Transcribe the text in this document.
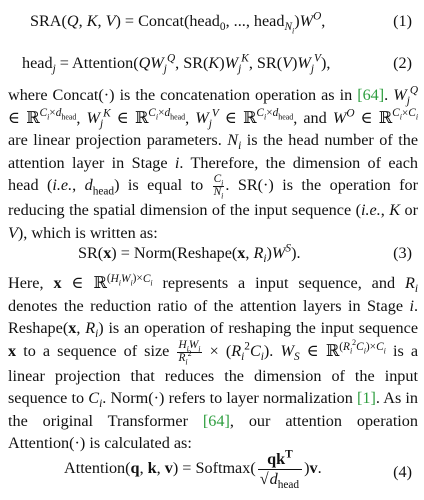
SRA(Q, K, V) = Concat(head$_0$, ..., $head_{N_i})W^O$,	(1)
head$_j$ = $Attention(QW_j^Q$, $SR(K)W_j^K$, $SR(V)W_j^V$),	(2)
where Concat(·) is the concatenation operation as in [64]. $W_j^Q$ ∈ ℝ$^{C_i\times d_{head}}$, $W_j^K$ ∈ ℝ$^{C_i\times d_{head}}$, $W_j^V$ ∈ ℝ$^{C_i\times d_{head}}$, and $W^O$ ∈ ℝ$^{C_i\times C_i}$ are linear projection parameters. $N_i$ is the head number of the attention layer in Stage i. Therefore, the dimension of each head (i.e., $d_{head}$) is equal to $\frac{C_i}{N_i}$ . SR(·) is the operation for reducing the spatial dimension of the input sequence (i.e., K or V), which is written as:
SR(x) = Norm(Reshape(x, $R_i)W^S$).	(3)
Here, x ∈ ℝ$^{(H_iW_i)\times C_i}$ represents a input sequence, and $R_i$ denotes the reduction ratio of the attention layers in Stage i. Reshape(x, $R_i$) is an operation of reshaping the input sequence x to a sequence of size $\frac{H_iW_i}{R_i^2} \times (R_i^2C_i)$. $W_S$ ∈ ℝ$^{(R_i^2C_i)\times C_i}$ is a linear projection that reduces the dimension of the input sequence to $C_i$. Norm(·) refers to layer normalization [1]. As in the original Transformer [64], our attention operation Attention(·) is calculated as:
Attention(q, k, v) = Softmax( $qk^T$
$√d_{head}$
)v.	(4)
